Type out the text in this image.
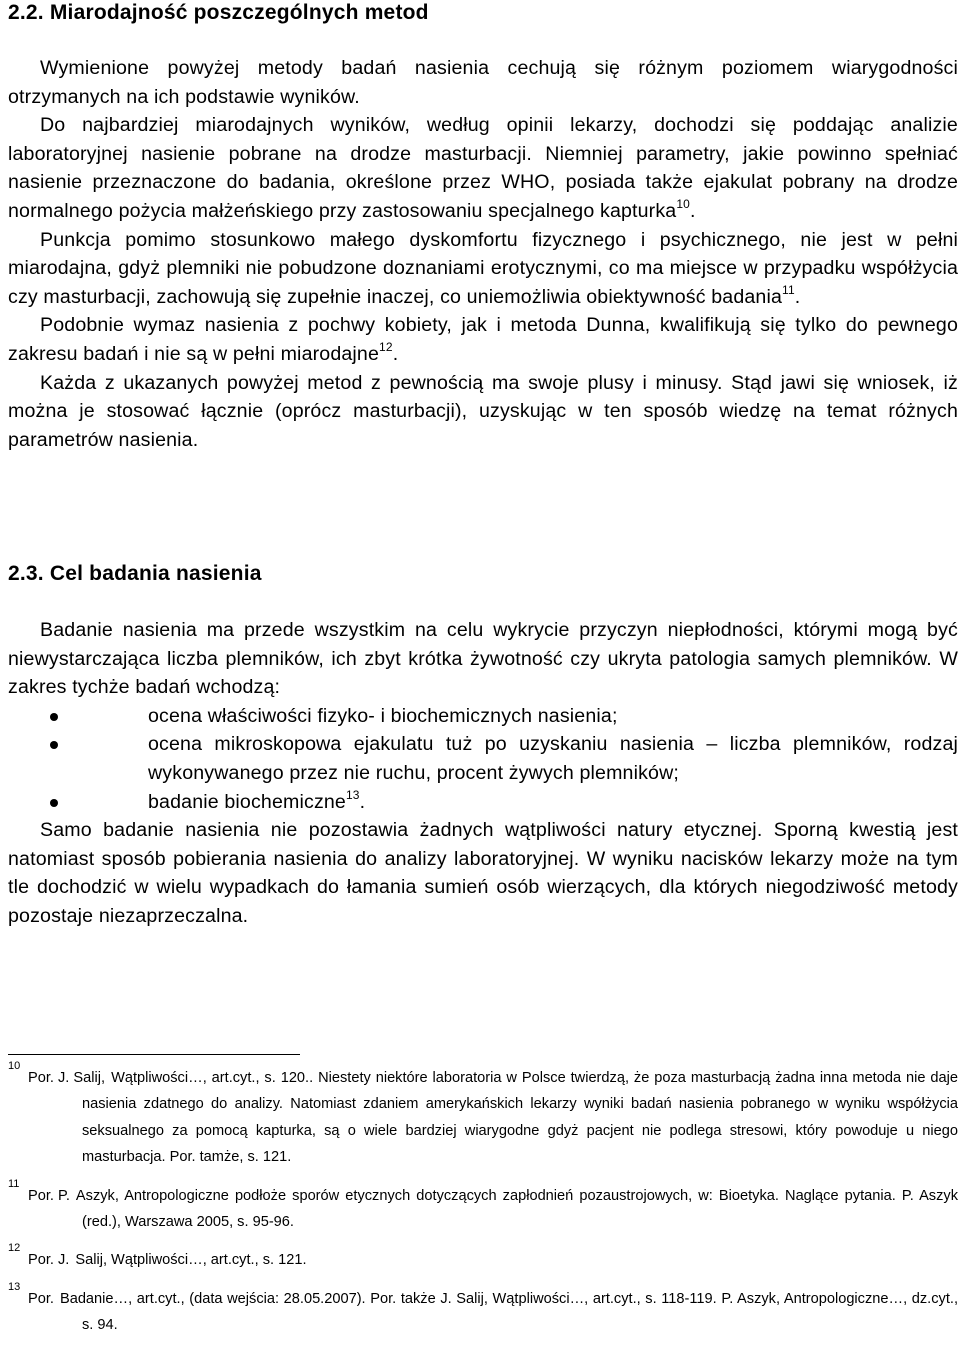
2.2. Miarodajność poszczególnych metod

Wymienione powyżej metody badań nasienia cechują się różnym poziomem wiarygodności otrzymanych na ich podstawie wyników.

Do najbardziej miarodajnych wyników, według opinii lekarzy, dochodzi się poddając analizie laboratoryjnej nasienie pobrane na drodze masturbacji. Niemniej parametry, jakie powinno spełniać nasienie przeznaczone do badania, określone przez WHO, posiada także ejakulat pobrany na drodze normalnego pożycia małżeńskiego przy zastosowaniu specjalnego kapturka$^{10}$.

Punkcja pomimo stosunkowo małego dyskomfortu fizycznego i psychicznego, nie jest w pełni miarodajna, gdyż plemniki nie pobudzone doznaniami erotycznymi, co ma miejsce w przypadku współżycia czy masturbacji, zachowują się zupełnie inaczej, co uniemożliwia obiektywność badania$^{11}$.

Podobnie wymaz nasienia z pochwy kobiety, jak i metoda Dunna, kwalifikują się tylko do pewnego zakresu badań i nie są w pełni miarodajne$^{12}$.

Każda z ukazanych powyżej metod z pewnością ma swoje plusy i minusy. Stąd jawi się wniosek, iż można je stosować łącznie (oprócz masturbacji), uzyskując w ten sposób wiedzę na temat różnych parametrów nasienia.

2.3. Cel badania nasienia

Badanie nasienia ma przede wszystkim na celu wykrycie przyczyn niepłodności, którymi mogą być niewystarczająca liczba plemników, ich zbyt krótka żywotność czy ukryta patologia samych plemników. W zakres tychże badań wchodzą:

ocena właściwości fizyko- i biochemicznych nasienia;
ocena mikroskopowa ejakulatu tuż po uzyskaniu nasienia – liczba plemników, rodzaj wykonywanego przez nie ruchu, procent żywych plemników;
badanie biochemiczne$^{13}$.

Samo badanie nasienia nie pozostawia żadnych wątpliwości natury etycznej. Sporną kwestią jest natomiast sposób pobierania nasienia do analizy laboratoryjnej. W wyniku nacisków lekarzy może na tym tle dochodzić w wielu wypadkach do łamania sumień osób wierzących, dla których niegodziwość metody pozostaje niezaprzeczalna.

10
Por. J. Salij, Wątpliwości…, art.cyt., s. 120.. Niestety niektóre laboratoria w Polsce twierdzą, że poza masturbacją żadna inna metoda nie daje nasienia zdatnego do analizy. Natomiast zdaniem amerykańskich lekarzy wyniki badań nasienia pobranego w wyniku współżycia seksualnego za pomocą kapturka, są o wiele bardziej wiarygodne gdyż pacjent nie podlega stresowi, który powoduje u niego masturbacja. Por. tamże, s. 121.
11
Por. P. Aszyk, Antropologiczne podłoże sporów etycznych dotyczących zapłodnień pozaustrojowych, w: Bioetyka. Naglące pytania. P. Aszyk (red.), Warszawa 2005, s. 95-96.
12
Por. J. Salij, Wątpliwości…, art.cyt., s. 121.
13
Por. Badanie…, art.cyt., (data wejścia: 28.05.2007). Por. także J. Salij, Wątpliwości…, art.cyt., s. 118-119. P. Aszyk, Antropologiczne…, dz.cyt., s. 94.
